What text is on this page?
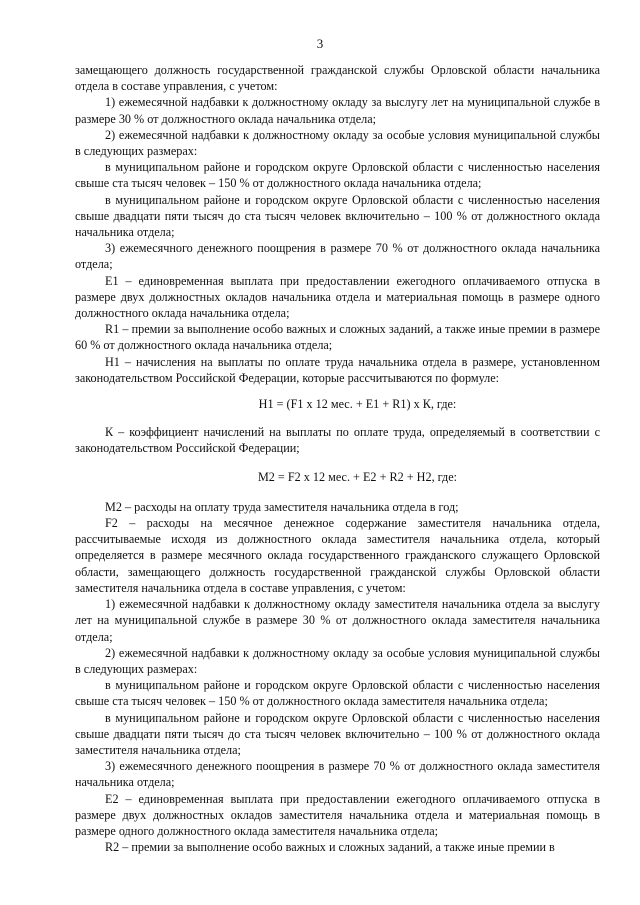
3

замещающего должность государственной гражданской службы Орловской области начальника отдела в составе управления, с учетом:

1) ежемесячной надбавки к должностному окладу за выслугу лет на муниципальной службе в размере 30 % от должностного оклада начальника отдела;

2) ежемесячной надбавки к должностному окладу за особые условия муниципальной службы в следующих размерах:

в муниципальном районе и городском округе Орловской области с численностью населения свыше ста тысяч человек – 150 % от должностного оклада начальника отдела;

в муниципальном районе и городском округе Орловской области с численностью населения свыше двадцати пяти тысяч до ста тысяч человек включительно – 100 % от должностного оклада начальника отдела;

3) ежемесячного денежного поощрения в размере 70 % от должностного оклада начальника отдела;

Е1 – единовременная выплата при предоставлении ежегодного оплачиваемого отпуска в размере двух должностных окладов начальника отдела и материальная помощь в размере одного должностного оклада начальника отдела;

R1 – премии за выполнение особо важных и сложных заданий, а также иные премии в размере 60 % от должностного оклада начальника отдела;

Н1 – начисления на выплаты по оплате труда начальника отдела в размере, установленном законодательством Российской Федерации, которые рассчитываются по формуле:

Н1 = (F1 х 12 мес. + Е1 + R1) х К, где:

К – коэффициент начислений на выплаты по оплате труда, определяемый в соответствии с законодательством Российской Федерации;

М2 = F2 х 12 мес. + Е2 + R2 + Н2, где:

М2 – расходы на оплату труда заместителя начальника отдела в год;

F2 – расходы на месячное денежное содержание заместителя начальника отдела, рассчитываемые исходя из должностного оклада заместителя начальника отдела, который определяется в размере месячного оклада государственного гражданского служащего Орловской области, замещающего должность государственной гражданской службы Орловской области заместителя начальника отдела в составе управления, с учетом:

1) ежемесячной надбавки к должностному окладу заместителя начальника отдела за выслугу лет на муниципальной службе в размере 30 % от должностного оклада заместителя начальника отдела;

2) ежемесячной надбавки к должностному окладу за особые условия муниципальной службы в следующих размерах:

в муниципальном районе и городском округе Орловской области с численностью населения свыше ста тысяч человек – 150 % от должностного оклада заместителя начальника отдела;

в муниципальном районе и городском округе Орловской области с численностью населения свыше двадцати пяти тысяч до ста тысяч человек включительно – 100 % от должностного оклада заместителя начальника отдела;

3) ежемесячного денежного поощрения в размере 70 % от должностного оклада заместителя начальника отдела;

Е2 – единовременная выплата при предоставлении ежегодного оплачиваемого отпуска в размере двух должностных окладов заместителя начальника отдела и материальная помощь в размере одного должностного оклада заместителя начальника отдела;

R2 – премии за выполнение особо важных и сложных заданий, а также иные премии в
